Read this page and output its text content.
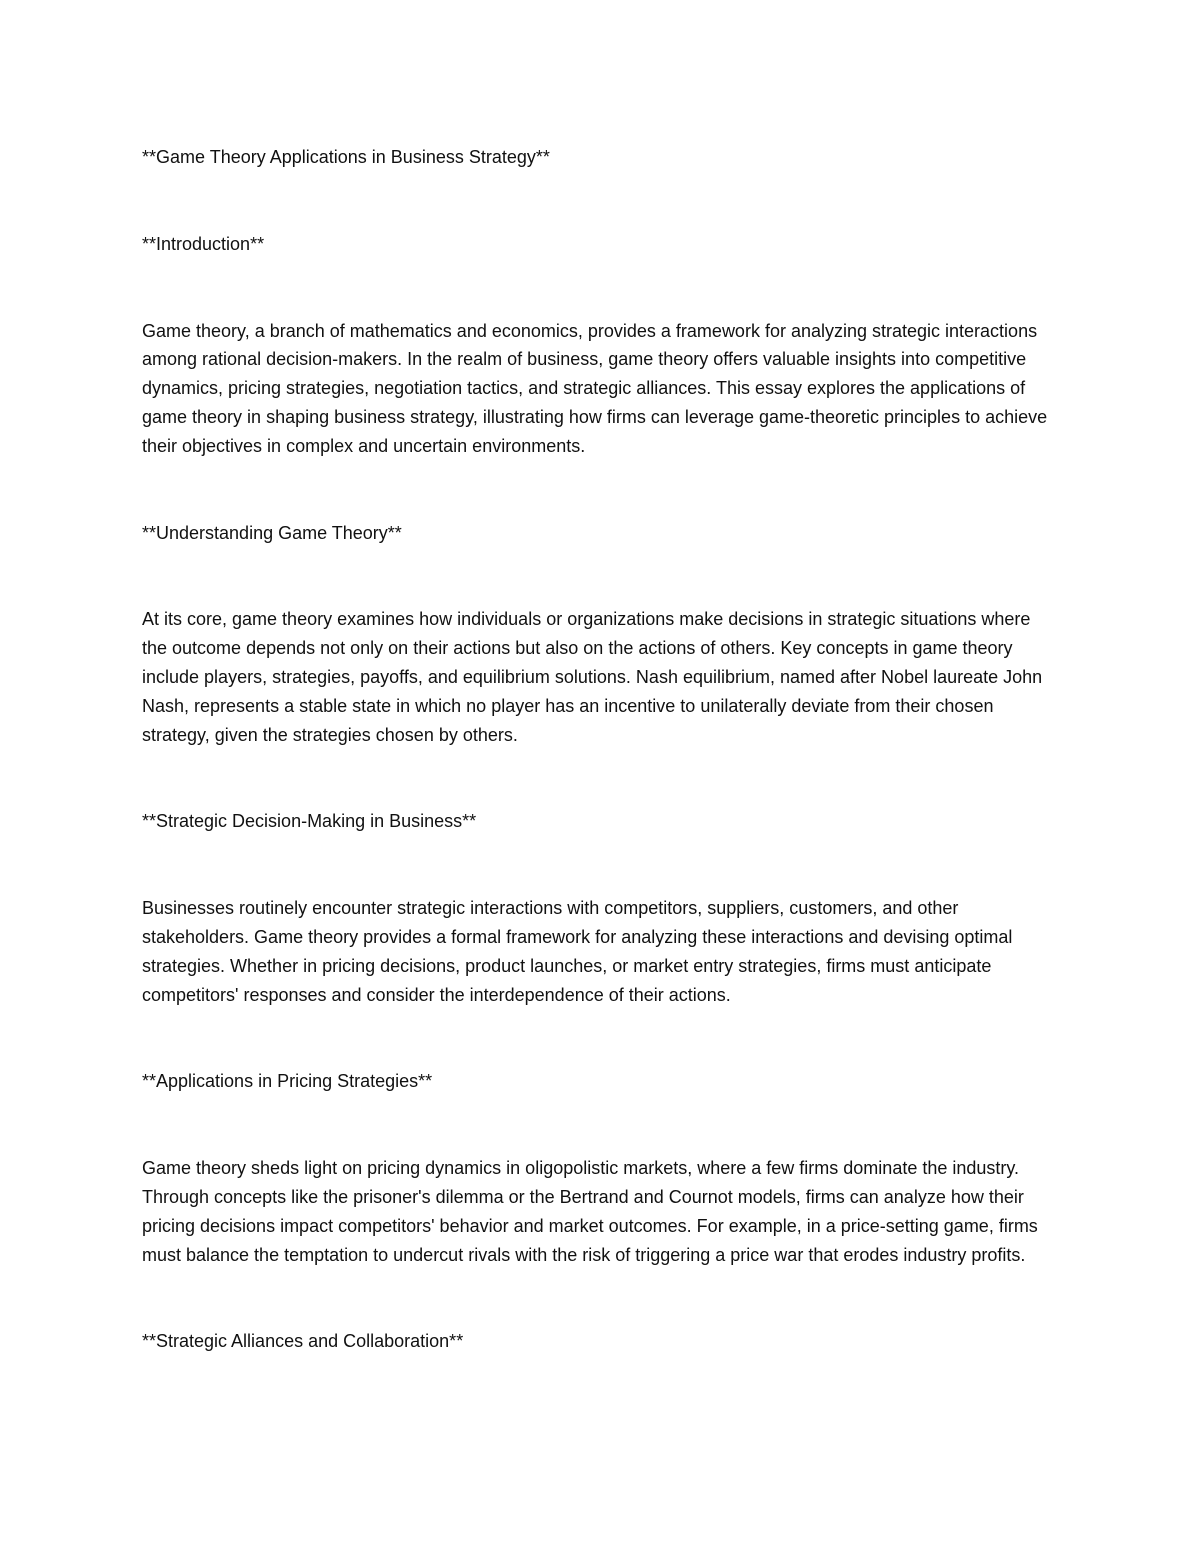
**Game Theory Applications in Business Strategy**

**Introduction**

Game theory, a branch of mathematics and economics, provides a framework for analyzing strategic interactions among rational decision-makers. In the realm of business, game theory offers valuable insights into competitive dynamics, pricing strategies, negotiation tactics, and strategic alliances. This essay explores the applications of game theory in shaping business strategy, illustrating how firms can leverage game-theoretic principles to achieve their objectives in complex and uncertain environments.

**Understanding Game Theory**

At its core, game theory examines how individuals or organizations make decisions in strategic situations where the outcome depends not only on their actions but also on the actions of others. Key concepts in game theory include players, strategies, payoffs, and equilibrium solutions. Nash equilibrium, named after Nobel laureate John Nash, represents a stable state in which no player has an incentive to unilaterally deviate from their chosen strategy, given the strategies chosen by others.

**Strategic Decision-Making in Business**

Businesses routinely encounter strategic interactions with competitors, suppliers, customers, and other stakeholders. Game theory provides a formal framework for analyzing these interactions and devising optimal strategies. Whether in pricing decisions, product launches, or market entry strategies, firms must anticipate competitors' responses and consider the interdependence of their actions.

**Applications in Pricing Strategies**

Game theory sheds light on pricing dynamics in oligopolistic markets, where a few firms dominate the industry. Through concepts like the prisoner's dilemma or the Bertrand and Cournot models, firms can analyze how their pricing decisions impact competitors' behavior and market outcomes. For example, in a price-setting game, firms must balance the temptation to undercut rivals with the risk of triggering a price war that erodes industry profits.

**Strategic Alliances and Collaboration**
